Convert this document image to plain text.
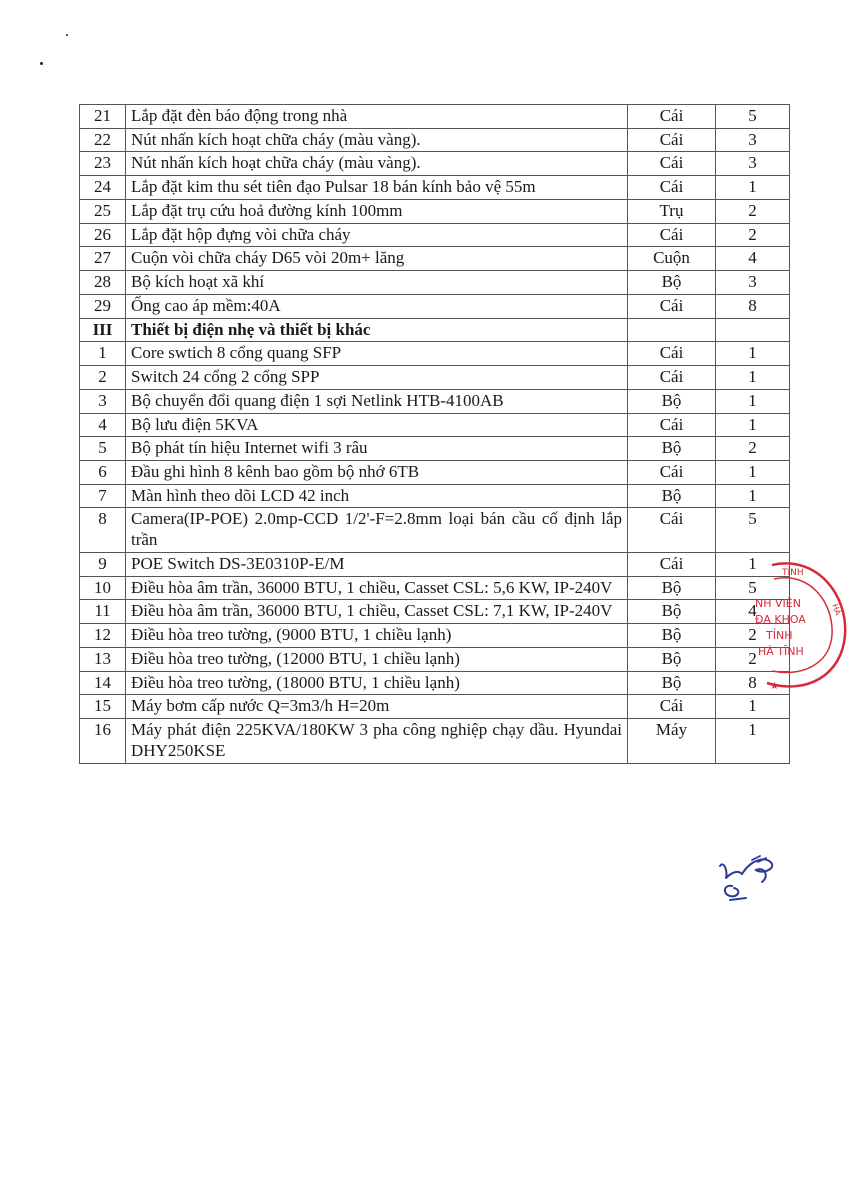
21	Lắp đặt đèn báo động trong nhà	Cái	5
22	Nút nhấn kích hoạt chữa cháy (màu vàng).	Cái	3
23	Nút nhấn kích hoạt chữa cháy (màu vàng).	Cái	3
24	Lắp đặt kim thu sét tiên đạo Pulsar 18 bán kính bảo vệ 55m	Cái	1
25	Lắp đặt trụ cứu hoả đường kính 100mm	Trụ	2
26	Lắp đặt hộp đựng vòi chữa cháy	Cái	2
27	Cuộn vòi chữa cháy D65 vòi 20m+ lăng	Cuộn	4
28	Bộ kích hoạt xã khí	Bộ	3
29	Ống cao áp mềm:40A	Cái	8
III	Thiết bị điện nhẹ và thiết bị khác		
1	Core swtich 8 cổng quang SFP	Cái	1
2	Switch 24 cổng 2 cổng SPP	Cái	1
3	Bộ chuyển đổi quang điện 1 sợi Netlink HTB-4100AB	Bộ	1
4	Bộ lưu điện 5KVA	Cái	1
5	Bộ phát tín hiệu Internet wifi 3 râu	Bộ	2
6	Đầu ghi hình 8 kênh bao gồm bộ nhớ 6TB	Cái	1
7	Màn hình theo dõi LCD 42 inch	Bộ	1
8	Camera(IP-POE) 2.0mp-CCD 1/2'-F=2.8mm loại bán cầu cố định lắp trần	Cái	5
9	POE Switch DS-3E0310P-E/M	Cái	1
10	Điều hòa âm trần, 36000 BTU, 1 chiều, Casset CSL: 5,6 KW, IP-240V	Bộ	5
11	Điều hòa âm trần, 36000 BTU, 1 chiều, Casset CSL: 7,1 KW, IP-240V	Bộ	4
12	Điều hòa treo tường, (9000 BTU, 1 chiều lạnh)	Bộ	2
13	Điều hòa treo tường, (12000 BTU, 1 chiều lạnh)	Bộ	2
14	Điều hòa treo tường, (18000 BTU, 1 chiều lạnh)	Bộ	8
15	Máy bơm cấp nước Q=3m3/h H=20m	Cái	1
16	Máy phát điện 225KVA/180KW 3 pha công nghiệp chạy dầu. Hyundai DHY250KSE	Máy	1
TỈNH
NH VIỆN
ĐA KHOA
TỈNH
HÀ TĨNH
HÀ
★
